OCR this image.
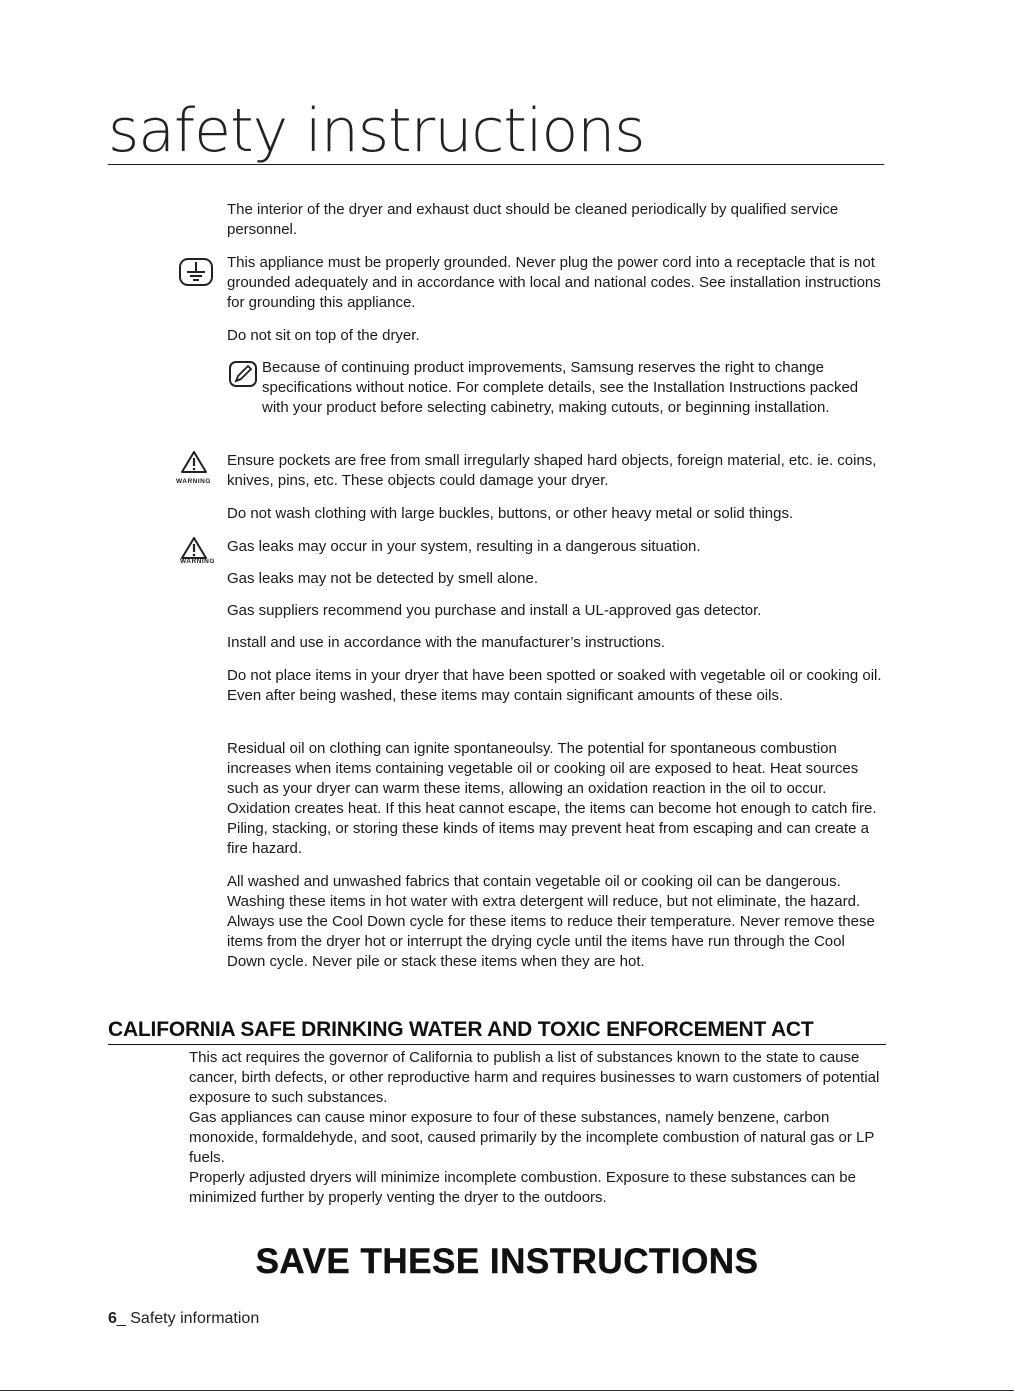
safety instructions

The interior of the dryer and exhaust duct should be cleaned periodically by qualified service personnel.

This appliance must be properly grounded. Never plug the power cord into a receptacle that is not grounded adequately and in accordance with local and national codes. See installation instructions for grounding this appliance.

Do not sit on top of the dryer.

Because of continuing product improvements, Samsung reserves the right to change specifications without notice. For complete details, see the Installation Instructions packed with your product before selecting cabinetry, making cutouts, or beginning installation.

WARNING

Ensure pockets are free from small irregularly shaped hard objects, foreign material, etc. ie. coins, knives, pins, etc. These objects could damage your dryer.

Do not wash clothing with large buckles, buttons, or other heavy metal or solid things.

WARNING

Gas leaks may occur in your system, resulting in a dangerous situation.

Gas leaks may not be detected by smell alone.

Gas suppliers recommend you purchase and install a UL-approved gas detector.

Install and use in accordance with the manufacturer’s instructions.

Do not place items in your dryer that have been spotted or soaked with vegetable oil or cooking oil. Even after being washed, these items may contain significant amounts of these oils.

Residual oil on clothing can ignite spontaneoulsy. The potential for spontaneous combustion increases when items containing vegetable oil or cooking oil are exposed to heat. Heat sources such as your dryer can warm these items, allowing an oxidation reaction in the oil to occur. Oxidation creates heat. If this heat cannot escape, the items can become hot enough to catch fire. Piling, stacking, or storing these kinds of items may prevent heat from escaping and can create a fire hazard.

All washed and unwashed fabrics that contain vegetable oil or cooking oil can be dangerous. Washing these items in hot water with extra detergent will reduce, but not eliminate, the hazard. Always use the Cool Down cycle for these items to reduce their temperature. Never remove these items from the dryer hot or interrupt the drying cycle until the items have run through the Cool Down cycle. Never pile or stack these items when they are hot.

CALIFORNIA SAFE DRINKING WATER AND TOXIC ENFORCEMENT ACT

This act requires the governor of California to publish a list of substances known to the state to cause cancer, birth defects, or other reproductive harm and requires businesses to warn customers of potential exposure to such substances.

Gas appliances can cause minor exposure to four of these substances, namely benzene, carbon monoxide, formaldehyde, and soot, caused primarily by the incomplete combustion of natural gas or LP fuels.

Properly adjusted dryers will minimize incomplete combustion. Exposure to these substances can be minimized further by properly venting the dryer to the outdoors.

SAVE THESE INSTRUCTIONS
6_ Safety information
